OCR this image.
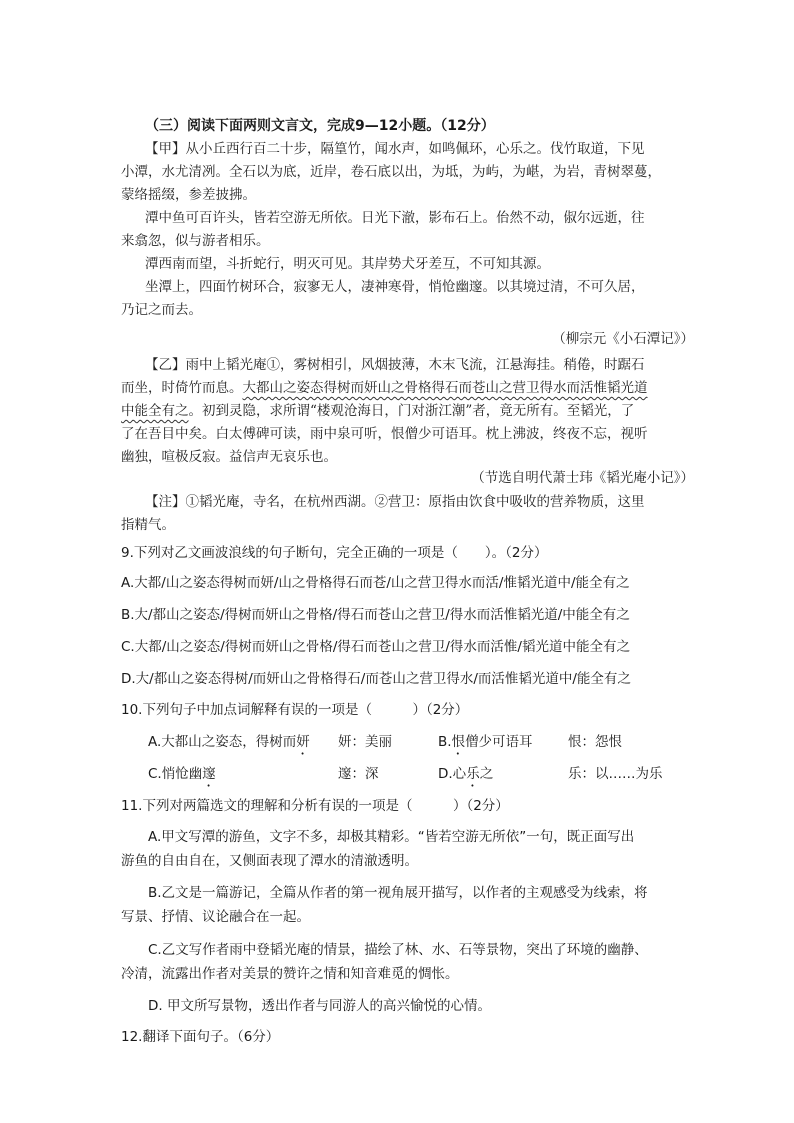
（三）阅读下面两则文言文，完成9—12小题。（12分）
【甲】从小丘西行百二十步，隔篁竹，闻水声，如鸣佩环，心乐之。伐竹取道，下见
小潭，水尤清冽。全石以为底，近岸，卷石底以出，为坻，为屿，为嵁，为岩，青树翠蔓，
蒙络摇缀，参差披拂。
潭中鱼可百许头，皆若空游无所依。日光下澈，影布石上。佁然不动，俶尔远逝，往
来翕忽，似与游者相乐。
潭西南而望，斗折蛇行，明灭可见。其岸势犬牙差互，不可知其源。
坐潭上，四面竹树环合，寂寥无人，凄神寒骨，悄怆幽邃。以其境过清，不可久居，
乃记之而去。
（柳宗元《小石潭记》）
【乙】雨中上韬光庵①，雾树相引，风烟披薄，木末飞流，江悬海挂。稍倦，时踞石
而坐，时倚竹而息。大都山之姿态得树而妍山之骨格得石而苍山之营卫得水而活惟韬光道
中能全有之。初到灵隐，求所谓“楼观沧海日，门对浙江潮”者，竟无所有。至韬光，了
了在吾目中矣。白太傅碑可读，雨中泉可听，恨僧少可语耳。枕上沸波，终夜不忘，视听
幽独，喧极反寂。益信声无哀乐也。
（节选自明代萧士玮《韬光庵小记》）
【注】①韬光庵，寺名，在杭州西湖。②营卫：原指由饮食中吸收的营养物质，这里
指精气。
9.下列对乙文画波浪线的句子断句，完全正确的一项是（　　）。（2分）
A.大都/山之姿态得树而妍/山之骨格得石而苍/山之营卫得水而活/惟韬光道中/能全有之
B.大/都山之姿态/得树而妍山之骨格/得石而苍山之营卫/得水而活惟韬光道/中能全有之
C.大都/山之姿态/得树而妍山之骨格/得石而苍山之营卫/得水而活惟/韬光道中能全有之
D.大/都山之姿态得树/而妍山之骨格得石/而苍山之营卫得水/而活惟韬光道中/能全有之
10.下列句子中加点词解释有误的一项是（　　　）（2分）
A.大都山之姿态，得树而妍 妍：美丽	B.恨僧少可语耳	恨：怨恨
C.悄怆幽邃	邃：深	D.心乐之	乐：以……为乐
11.下列对两篇选文的理解和分析有误的一项是（　　　）（2分）
A.甲文写潭的游鱼，文字不多，却极其精彩。“皆若空游无所依”一句，既正面写出
游鱼的自由自在，又侧面表现了潭水的清澈透明。
B.乙文是一篇游记，全篇从作者的第一视角展开描写，以作者的主观感受为线索，将
写景、抒情、议论融合在一起。
C.乙文写作者雨中登韬光庵的情景，描绘了林、水、石等景物，突出了环境的幽静、
冷清，流露出作者对美景的赞许之情和知音难觅的惆怅。
D. 甲文所写景物，透出作者与同游人的高兴愉悦的心情。
12.翻译下面句子。（6分）
